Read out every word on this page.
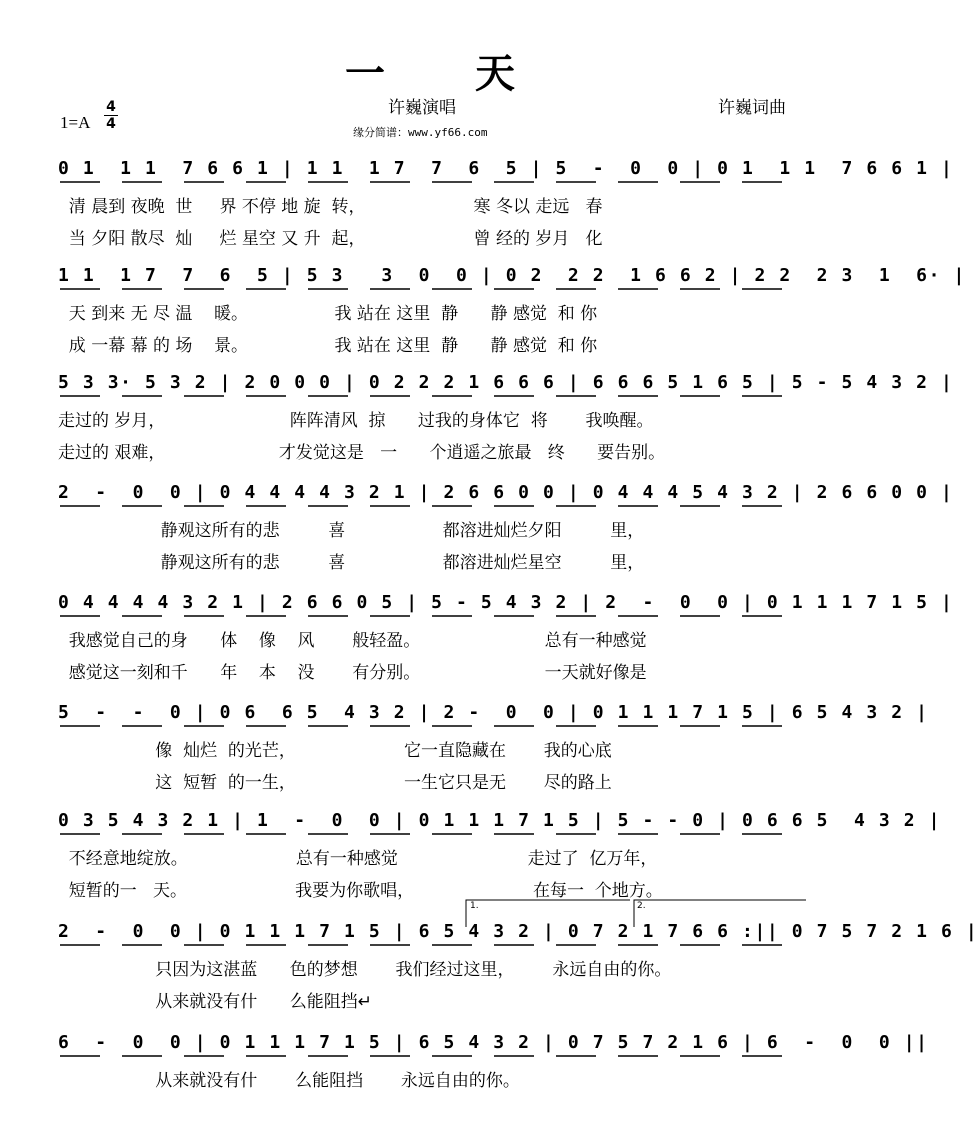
一 天
许巍演唱	许巍词曲
缘分简谱：www.yf66.com
1=A
4
4
0 1  1 1  7 6 6 1 | 1 1  1 7  7  6  5 | 5  -  0  0 | 0 1  1 1  7 6 6 1 |
清 晨到 夜晚  世     界 不停 地 旋  转，                    寒 冬以 走远   春
当 夕阳 散尽  灿     烂 星空 又 升  起，                    曾 经的 岁月   化
1 1  1 7  7  6  5 | 5 3   3  0  0 | 0 2  2 2  1 6 6 2 | 2 2  2 3  1  6· |
天 到来 无 尽 温    暖。                我 站在 这里  静      静 感觉  和 你
成 一幕 幕 的 场    景。                我 站在 这里  静      静 感觉  和 你
5 3 3· 5 3 2 | 2 0 0 0 | 0 2 2 2 1 6 6 6 | 6 6 6 5 1 6 5 | 5 - 5 4 3 2 |
走过的 岁月，                       阵阵清风  掠      过我的身体它  将       我唤醒。
走过的 艰难，                     才发觉这是   一      个逍遥之旅最   终      要告别。
2  -  0  0 | 0 4 4 4 4 3 2 1 | 2 6 6 0 0 | 0 4 4 4 5 4 3 2 | 2 6 6 0 0 |
静观这所有的悲         喜                  都溶进灿烂夕阳         里，
静观这所有的悲         喜                  都溶进灿烂星空         里，
0 4 4 4 4 3 2 1 | 2 6 6 0 5 | 5 - 5 4 3 2 | 2  -  0  0 | 0 1 1 1 7 1 5 |
我感觉自己的身      体    像    风       般轻盈。                       总有一种感觉
感觉这一刻和千      年    本    没       有分别。                       一天就好像是
5  -  -  0 | 0 6  6 5  4 3 2 | 2 -  0  0 | 0 1 1 1 7 1 5 | 6 5 4 3 2 |
像  灿烂  的光芒，                    它一直隐藏在       我的心底
这  短暂  的一生，                    一生它只是无       尽的路上
0 3 5 4 3 2 1 | 1  -  0  0 | 0 1 1 1 7 1 5 | 5 - - 0 | 0 6 6 5  4 3 2 |
不经意地绽放。                    总有一种感觉                        走过了  亿万年，
短暂的一   天。                    我要为你歌唱，                      在每一  个地方。
1.	2.
2  -  0  0 | 0 1 1 1 7 1 5 | 6 5 4 3 2 | 0 7 2 1 7 6 6 :|| 0 7 5 7 2 1 6 |
只因为这湛蓝      色的梦想       我们经过这里，       永远自由的你。
从来就没有什      么能阻挡↵
6  -  0  0 | 0 1 1 1 7 1 5 | 6 5 4 3 2 | 0 7 5 7 2 1 6 | 6  -  0  0 ||
从来就没有什       么能阻挡       永远自由的你。
